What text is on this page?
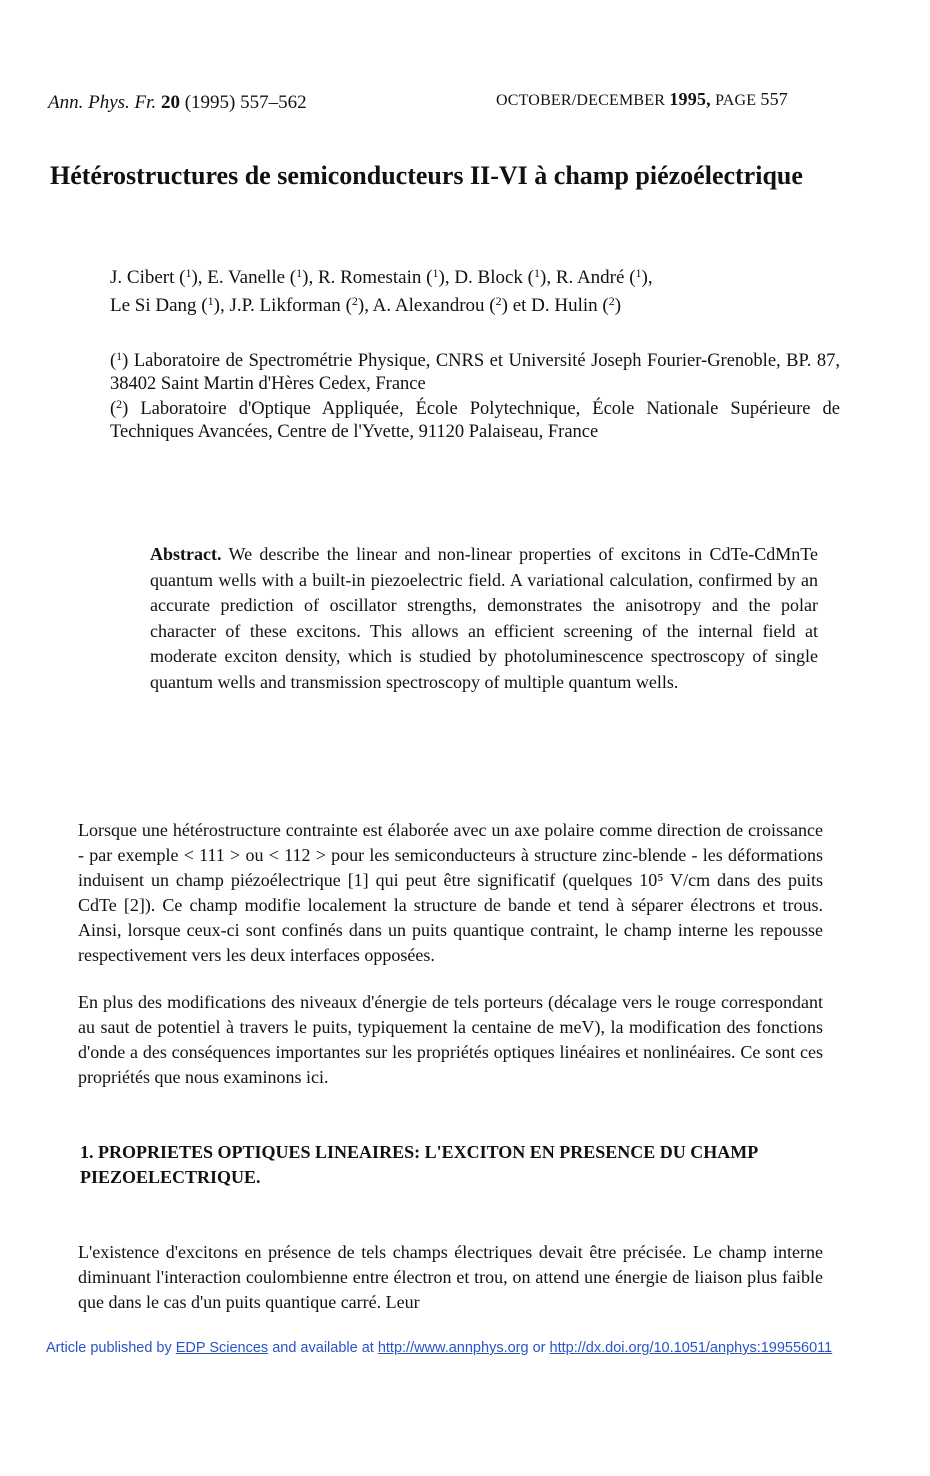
Ann. Phys. Fr. 20 (1995) 557–562	OCTOBER/DECEMBER 1995, PAGE 557
Hétérostructures de semiconducteurs II-VI à champ piézoélectrique
J. Cibert ($^1$), E. Vanelle ($^1$), R. Romestain ($^1$), D. Block ($^1$), R. André ($^1$),
Le Si Dang ($^1$), J.P. Likforman ($^2$), A. Alexandrou ($^2$) et D. Hulin ($^2$)
($^1$) Laboratoire de Spectrométrie Physique, CNRS et Université Joseph Fourier-Grenoble, BP. 87, 38402 Saint Martin d'Hères Cedex, France
($^2$) Laboratoire d'Optique Appliquée, École Polytechnique, École Nationale Supérieure de Techniques Avancées, Centre de l'Yvette, 91120 Palaiseau, France
Abstract. We describe the linear and non-linear properties of excitons in CdTe-CdMnTe quantum wells with a built-in piezoelectric field. A variational calculation, confirmed by an accurate prediction of oscillator strengths, demonstrates the anisotropy and the polar character of these excitons. This allows an efficient screening of the internal field at moderate exciton density, which is studied by photoluminescence spectroscopy of single quantum wells and transmission spectroscopy of multiple quantum wells.

Lorsque une hétérostructure contrainte est élaborée avec un axe polaire comme direction de croissance - par exemple < 111 > ou < 112 > pour les semiconducteurs à structure zinc-blende - les déformations induisent un champ piézoélectrique [1] qui peut être significatif (quelques 10⁵ V/cm dans des puits CdTe [2]). Ce champ modifie localement la structure de bande et tend à séparer électrons et trous. Ainsi, lorsque ceux-ci sont confinés dans un puits quantique contraint, le champ interne les repousse respectivement vers les deux interfaces opposées.

En plus des modifications des niveaux d'énergie de tels porteurs (décalage vers le rouge correspondant au saut de potentiel à travers le puits, typiquement la centaine de meV), la modification des fonctions d'onde a des conséquences importantes sur les propriétés optiques linéaires et nonlinéaires. Ce sont ces propriétés que nous examinons ici.

1. PROPRIETES OPTIQUES LINEAIRES: L'EXCITON EN PRESENCE DU CHAMP PIEZOELECTRIQUE.

L'existence d'excitons en présence de tels champs électriques devait être précisée. Le champ interne diminuant l'interaction coulombienne entre électron et trou, on attend une énergie de liaison plus faible que dans le cas d'un puits quantique carré. Leur

Article published by EDP Sciences and available at http://www.annphys.org or http://dx.doi.org/10.1051/anphys:199556011
